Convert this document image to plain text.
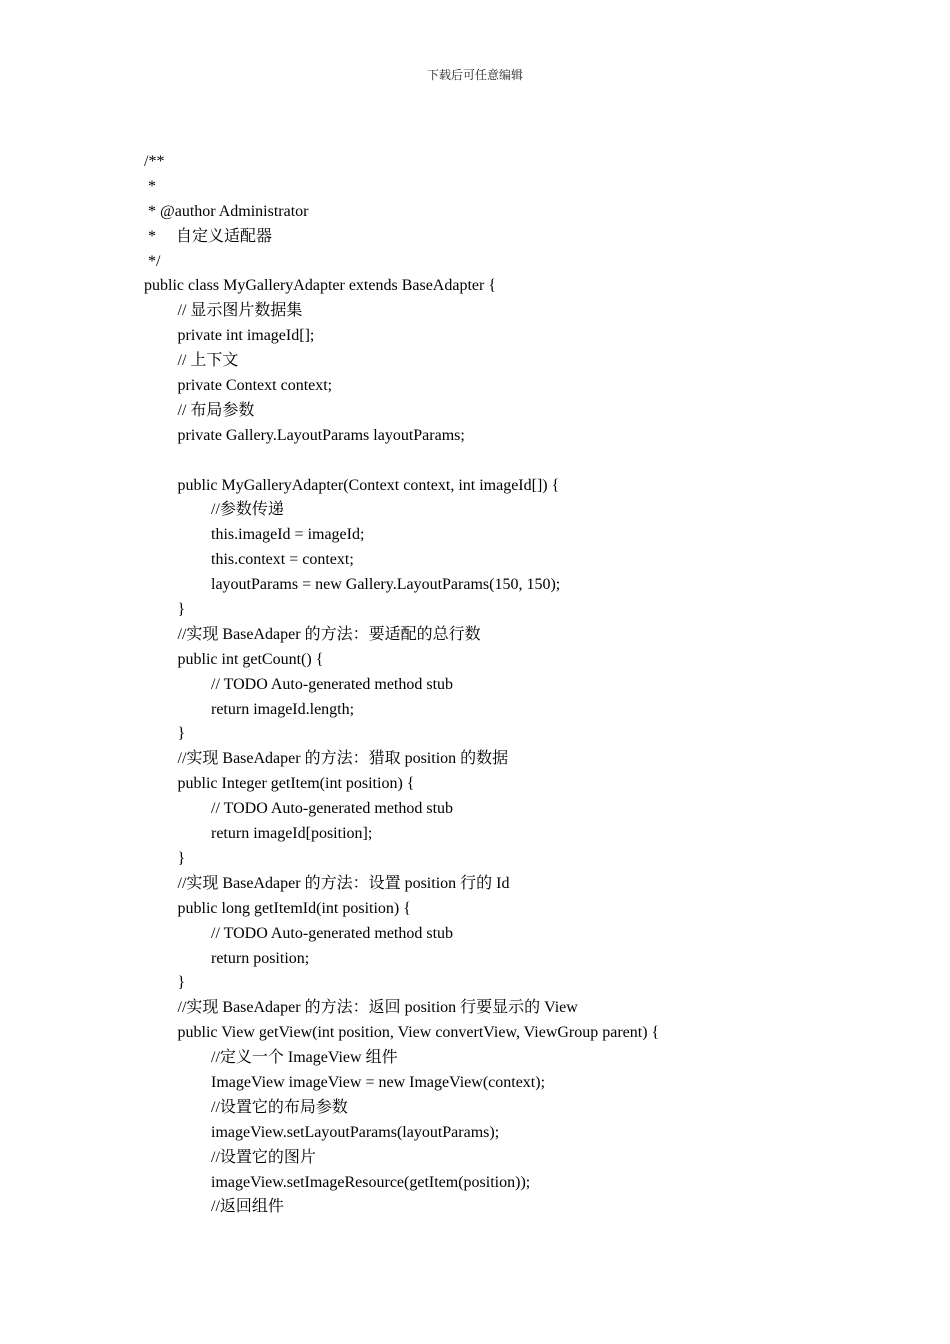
下载后可任意编辑
/**
*
* @author Administrator
*     自定义适配器
*/
public class MyGalleryAdapter extends BaseAdapter {
// 显示图片数据集
private int imageId[];
// 上下文
private Context context;
// 布局参数
private Gallery.LayoutParams layoutParams;
public MyGalleryAdapter(Context context, int imageId[]) {
//参数传递
this.imageId = imageId;
this.context = context;
layoutParams = new Gallery.LayoutParams(150, 150);
}
//实现 BaseAdaper 的方法：要适配的总行数
public int getCount() {
// TODO Auto-generated method stub
return imageId.length;
}
//实现 BaseAdaper 的方法：猎取 position 的数据
public Integer getItem(int position) {
// TODO Auto-generated method stub
return imageId[position];
}
//实现 BaseAdaper 的方法：设置 position 行的 Id
public long getItemId(int position) {
// TODO Auto-generated method stub
return position;
}
//实现 BaseAdaper 的方法：返回 position 行要显示的 View
public View getView(int position, View convertView, ViewGroup parent) {
//定义一个 ImageView 组件
ImageView imageView = new ImageView(context);
//设置它的布局参数
imageView.setLayoutParams(layoutParams);
//设置它的图片
imageView.setImageResource(getItem(position));
//返回组件
